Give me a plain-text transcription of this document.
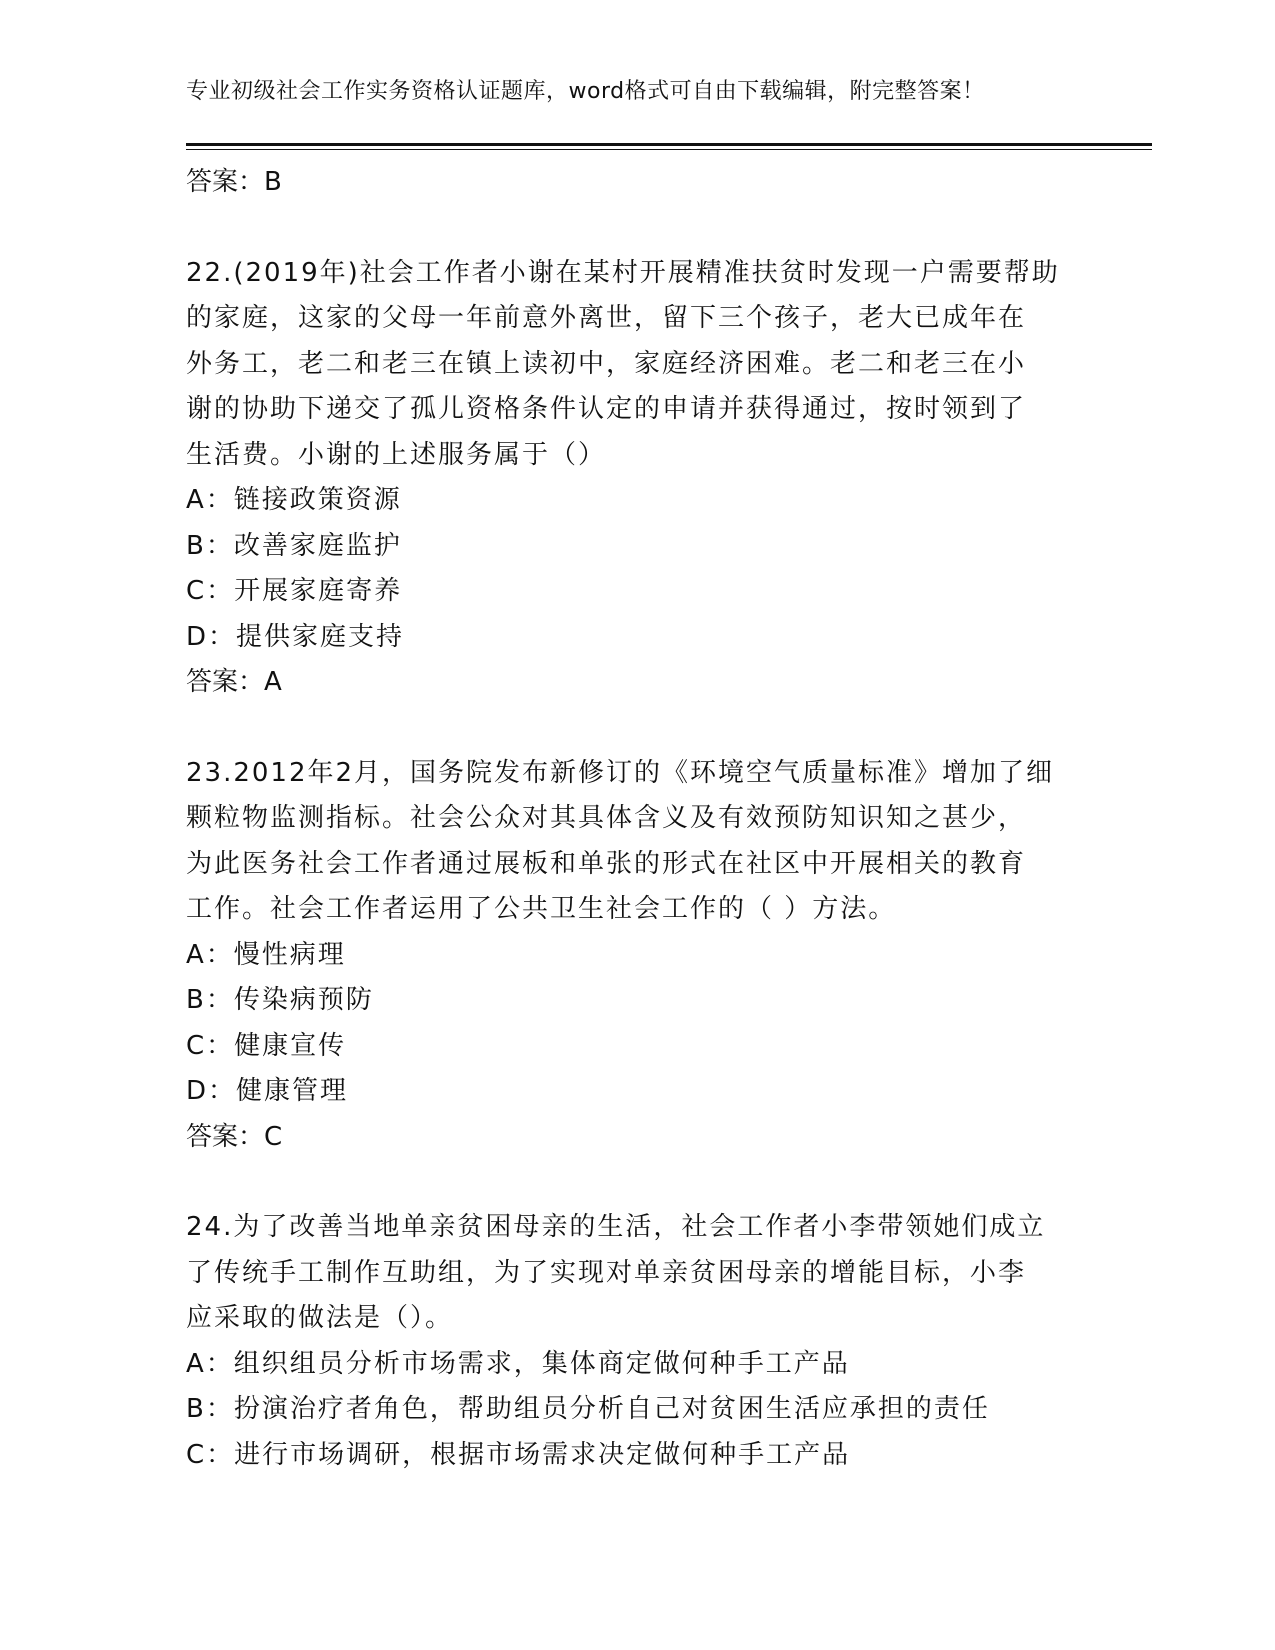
专业初级社会工作实务资格认证题库，word格式可自由下载编辑，附完整答案！
答案：B
22.(2019年)社会工作者小谢在某村开展精准扶贫时发现一户需要帮助
的家庭，这家的父母一年前意外离世，留下三个孩子，老大已成年在
外务工，老二和老三在镇上读初中，家庭经济困难。老二和老三在小
谢的协助下递交了孤儿资格条件认定的申请并获得通过，按时领到了
生活费。小谢的上述服务属于（）
A：链接政策资源
B：改善家庭监护
C：开展家庭寄养
D：提供家庭支持
答案：A
23.2012年2月，国务院发布新修订的《环境空气质量标准》增加了细
颗粒物监测指标。社会公众对其具体含义及有效预防知识知之甚少，
为此医务社会工作者通过展板和单张的形式在社区中开展相关的教育
工作。社会工作者运用了公共卫生社会工作的（ ）方法。
A：慢性病理
B：传染病预防
C：健康宣传
D：健康管理
答案：C
24.为了改善当地单亲贫困母亲的生活，社会工作者小李带领她们成立
了传统手工制作互助组，为了实现对单亲贫困母亲的增能目标，小李
应采取的做法是（）。
A：组织组员分析市场需求，集体商定做何种手工产品
B：扮演治疗者角色，帮助组员分析自己对贫困生活应承担的责任
C：进行市场调研，根据市场需求决定做何种手工产品
